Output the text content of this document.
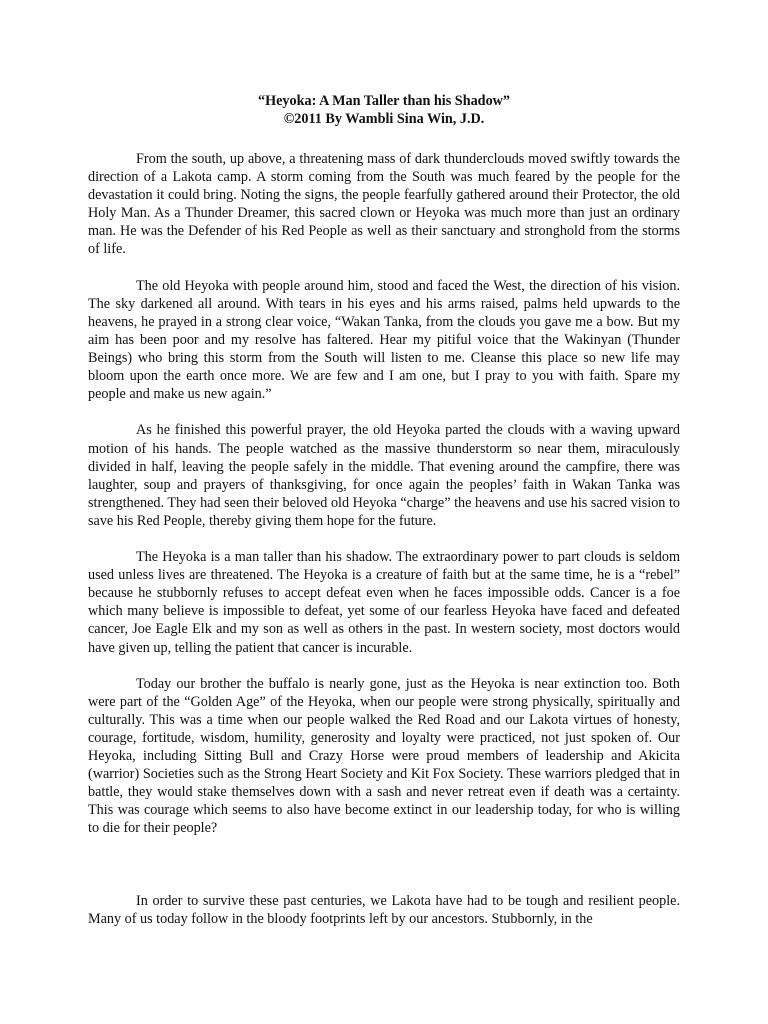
“Heyoka: A Man Taller than his Shadow”
©2011 By Wambli Sina Win, J.D.

From the south, up above, a threatening mass of dark thunderclouds moved swiftly towards the direction of a Lakota camp. A storm coming from the South was much feared by the people for the devastation it could bring. Noting the signs, the people fearfully gathered around their Protector, the old Holy Man. As a Thunder Dreamer, this sacred clown or Heyoka was much more than just an ordinary man. He was the Defender of his Red People as well as their sanctuary and stronghold from the storms of life.

The old Heyoka with people around him, stood and faced the West, the direction of his vision. The sky darkened all around. With tears in his eyes and his arms raised, palms held upwards to the heavens, he prayed in a strong clear voice, “Wakan Tanka, from the clouds you gave me a bow. But my aim has been poor and my resolve has faltered. Hear my pitiful voice that the Wakinyan (Thunder Beings) who bring this storm from the South will listen to me. Cleanse this place so new life may bloom upon the earth once more. We are few and I am one, but I pray to you with faith. Spare my people and make us new again.”

As he finished this powerful prayer, the old Heyoka parted the clouds with a waving upward motion of his hands. The people watched as the massive thunderstorm so near them, miraculously divided in half, leaving the people safely in the middle. That evening around the campfire, there was laughter, soup and prayers of thanksgiving, for once again the peoples’ faith in Wakan Tanka was strengthened. They had seen their beloved old Heyoka “charge” the heavens and use his sacred vision to save his Red People, thereby giving them hope for the future.

The Heyoka is a man taller than his shadow. The extraordinary power to part clouds is seldom used unless lives are threatened. The Heyoka is a creature of faith but at the same time, he is a “rebel” because he stubbornly refuses to accept defeat even when he faces impossible odds. Cancer is a foe which many believe is impossible to defeat, yet some of our fearless Heyoka have faced and defeated cancer, Joe Eagle Elk and my son as well as others in the past. In western society, most doctors would have given up, telling the patient that cancer is incurable.

Today our brother the buffalo is nearly gone, just as the Heyoka is near extinction too. Both were part of the “Golden Age” of the Heyoka, when our people were strong physically, spiritually and culturally. This was a time when our people walked the Red Road and our Lakota virtues of honesty, courage, fortitude, wisdom, humility, generosity and loyalty were practiced, not just spoken of. Our Heyoka, including Sitting Bull and Crazy Horse were proud members of leadership and Akicita (warrior) Societies such as the Strong Heart Society and Kit Fox Society. These warriors pledged that in battle, they would stake themselves down with a sash and never retreat even if death was a certainty. This was courage which seems to also have become extinct in our leadership today, for who is willing to die for their people?

In order to survive these past centuries, we Lakota have had to be tough and resilient people. Many of us today follow in the bloody footprints left by our ancestors. Stubbornly, in the
